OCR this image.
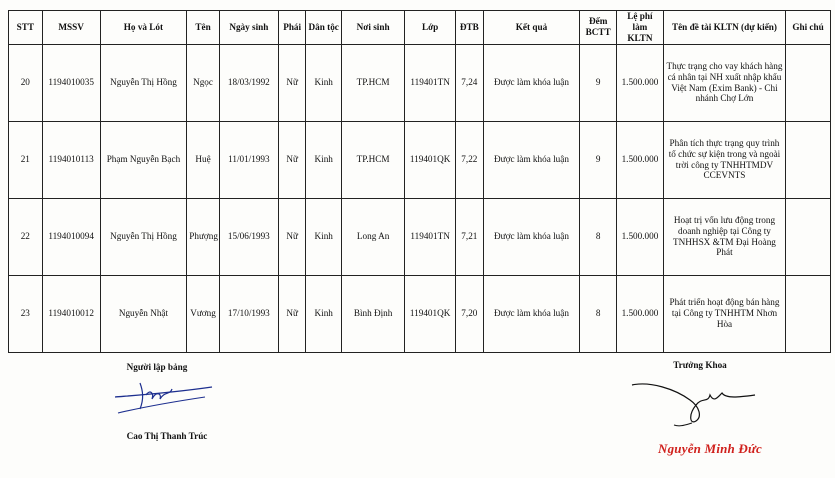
STT	MSSV	Họ và Lót	Tên	Ngày sinh	Phái	Dân tộc	Nơi sinh	Lớp	ĐTB	Kết quả	Đếm BCTT	Lệ phí làm KLTN	Tên đề tài KLTN (dự kiến)	Ghi chú
20	1194010035	Nguyễn Thị Hồng	Ngọc	18/03/1992	Nữ	Kinh	TP.HCM	119401TN	7,24	Được làm khóa luận	9	1.500.000	Thực trạng cho vay khách hàng cá nhân tại NH xuất nhập khẩu Việt Nam (Exim Bank) - Chi nhánh Chợ Lớn	
21	1194010113	Phạm Nguyễn Bạch	Huệ	11/01/1993	Nữ	Kinh	TP.HCM	119401QK	7,22	Được làm khóa luận	9	1.500.000	Phân tích thực trạng quy trình tổ chức sự kiện trong và ngoài trời công ty TNHHTMDV CCEVNTS	
22	1194010094	Nguyễn Thị Hồng	Phượng	15/06/1993	Nữ	Kinh	Long An	119401TN	7,21	Được làm khóa luận	8	1.500.000	Hoạt trị vốn lưu động trong doanh nghiệp tại Công ty TNHHSX &TM Đại Hoàng Phát	
23	1194010012	Nguyễn Nhật	Vương	17/10/1993	Nữ	Kinh	Bình Định	119401QK	7,20	Được làm khóa luận	8	1.500.000	Phát triển hoạt động bán hàng tại Công ty TNHHTM Nhơn Hòa	
Người lập bảng
Cao Thị Thanh Trúc
Trưởng Khoa
Nguyễn Minh Đức
